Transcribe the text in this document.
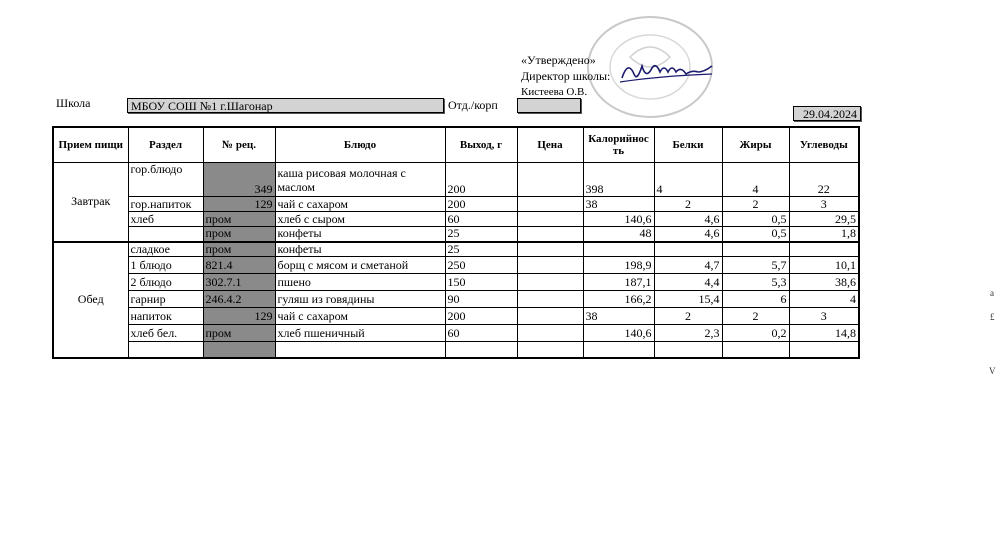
«Утверждено»
Директор школы:
Кистеева О.В.
Школа	МБОУ СОШ №1 г.Шагонар	Отд./корп
29.04.2024
Прием пищи	Раздел	№ рец.	Блюдо	Выход, г	Цена	Калорийность	Белки	Жиры	Углеводы
Завтрак	гор.блюдо	349	каша рисовая молочная с маслом	200		398	4	4	22
	гор.напиток	129	чай с сахаром	200		38	2	2	3
	хлеб	пром	хлеб с сыром	60		140,6	4,6	0,5	29,5
		пром	конфеты	25		48	4,6	0,5	1,8
Обед	сладкое	пром	конфеты	25					
	1 блюдо	821.4	борщ с мясом и сметаной	250		198,9	4,7	5,7	10,1
	2 блюдо	302.7.1	пшено	150		187,1	4,4	5,3	38,6
	гарнир	246.4.2	гуляш из говядины	90		166,2	15,4	6	4
	напиток	129	чай с сахаром	200		38	2	2	3
	хлеб бел.	пром	хлеб пшеничный	60		140,6	2,3	0,2	14,8

а
£
V
